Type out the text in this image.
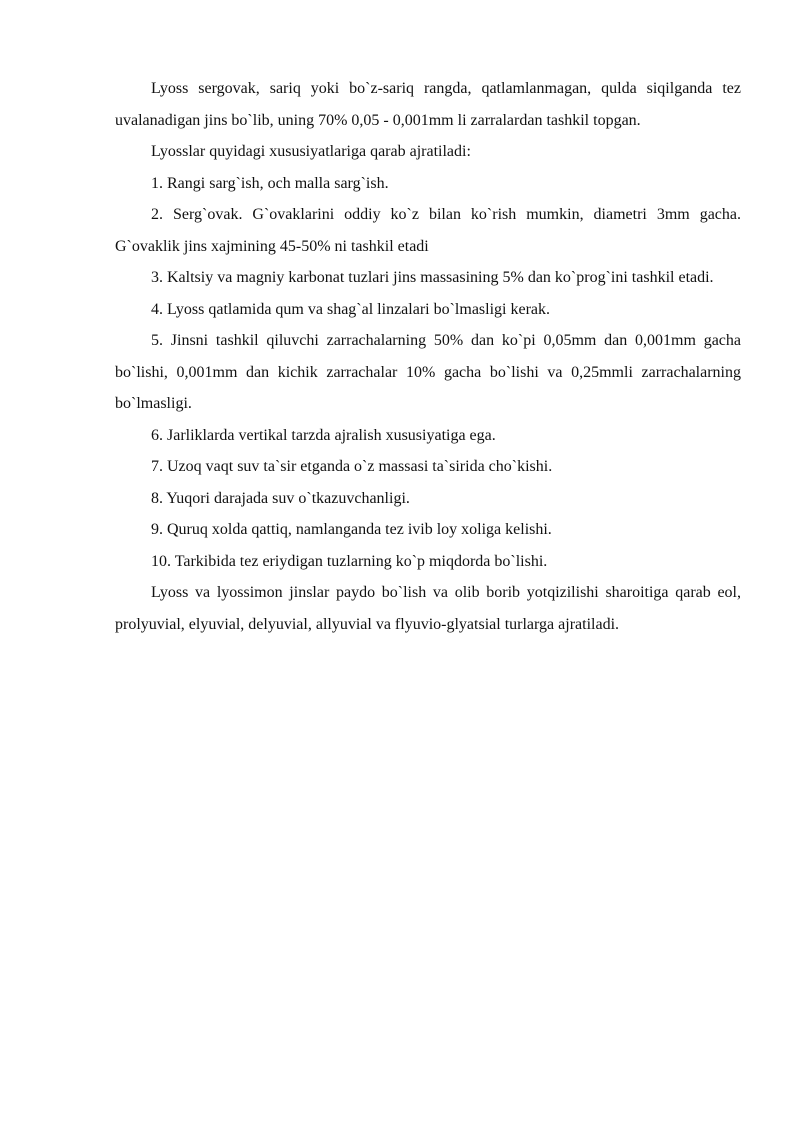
Lyoss sergovak, sariq yoki bo`z-sariq rangda, qatlamlanmagan, qulda siqilganda tez uvalanadigan jins bo`lib, uning 70% 0,05 - 0,001mm li zarralardan tashkil topgan.

Lyosslar quyidagi xususiyatlariga qarab ajratiladi:

1. Rangi sarg`ish, och malla sarg`ish.

2. Serg`ovak. G`ovaklarini oddiy ko`z bilan ko`rish mumkin, diametri 3mm gacha. G`ovaklik jins xajmining 45-50% ni tashkil etadi

3. Kaltsiy va magniy karbonat tuzlari jins massasining 5% dan ko`prog`ini tashkil etadi.

4. Lyoss qatlamida qum va shag`al linzalari bo`lmasligi kerak.

5. Jinsni tashkil qiluvchi zarrachalarning 50% dan ko`pi 0,05mm dan 0,001mm gacha bo`lishi, 0,001mm dan kichik zarrachalar 10% gacha bo`lishi va 0,25mmli zarrachalarning bo`lmasligi.

6. Jarliklarda vertikal tarzda ajralish xususiyatiga ega.

7. Uzoq vaqt suv ta`sir etganda o`z massasi ta`sirida cho`kishi.

8. Yuqori darajada suv o`tkazuvchanligi.

9. Quruq xolda qattiq, namlanganda tez ivib loy xoliga kelishi.

10. Tarkibida tez eriydigan tuzlarning ko`p miqdorda bo`lishi.

Lyoss va lyossimon jinslar paydo bo`lish va olib borib yotqizilishi sharoitiga qarab eol, prolyuvial, elyuvial, delyuvial, allyuvial va flyuvio-glyatsial turlarga ajratiladi.
